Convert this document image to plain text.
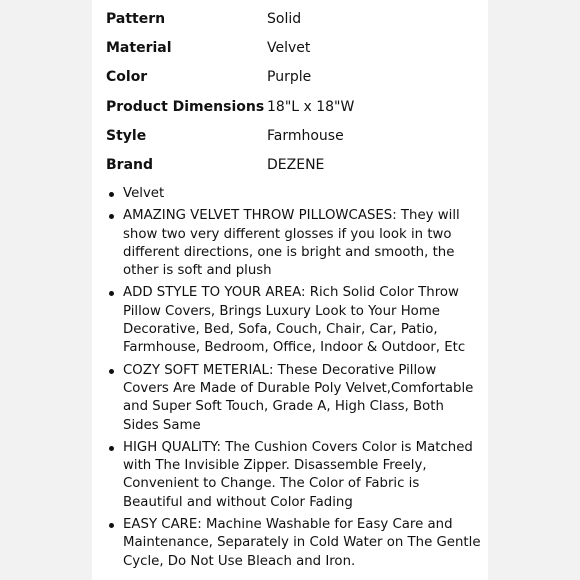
Pattern	Solid
Material	Velvet
Color	Purple
Product Dimensions 18"L x 18"W
Style	Farmhouse
Brand	DEZENE
Velvet
AMAZING VELVET THROW PILLOWCASES: They will show two very different glosses if you look in two different directions, one is bright and smooth, the other is soft and plush
ADD STYLE TO YOUR AREA: Rich Solid Color Throw Pillow Covers, Brings Luxury Look to Your Home Decorative, Bed, Sofa, Couch, Chair, Car, Patio, Farmhouse, Bedroom, Office, Indoor & Outdoor, Etc
COZY SOFT METERIAL: These Decorative Pillow Covers Are Made of Durable Poly Velvet,Comfortable and Super Soft Touch, Grade A, High Class, Both Sides Same
HIGH QUALITY: The Cushion Covers Color is Matched with The Invisible Zipper. Disassemble Freely, Convenient to Change. The Color of Fabric is Beautiful and without Color Fading
EASY CARE: Machine Washable for Easy Care and Maintenance, Separately in Cold Water on The Gentle Cycle, Do Not Use Bleach and Iron.
